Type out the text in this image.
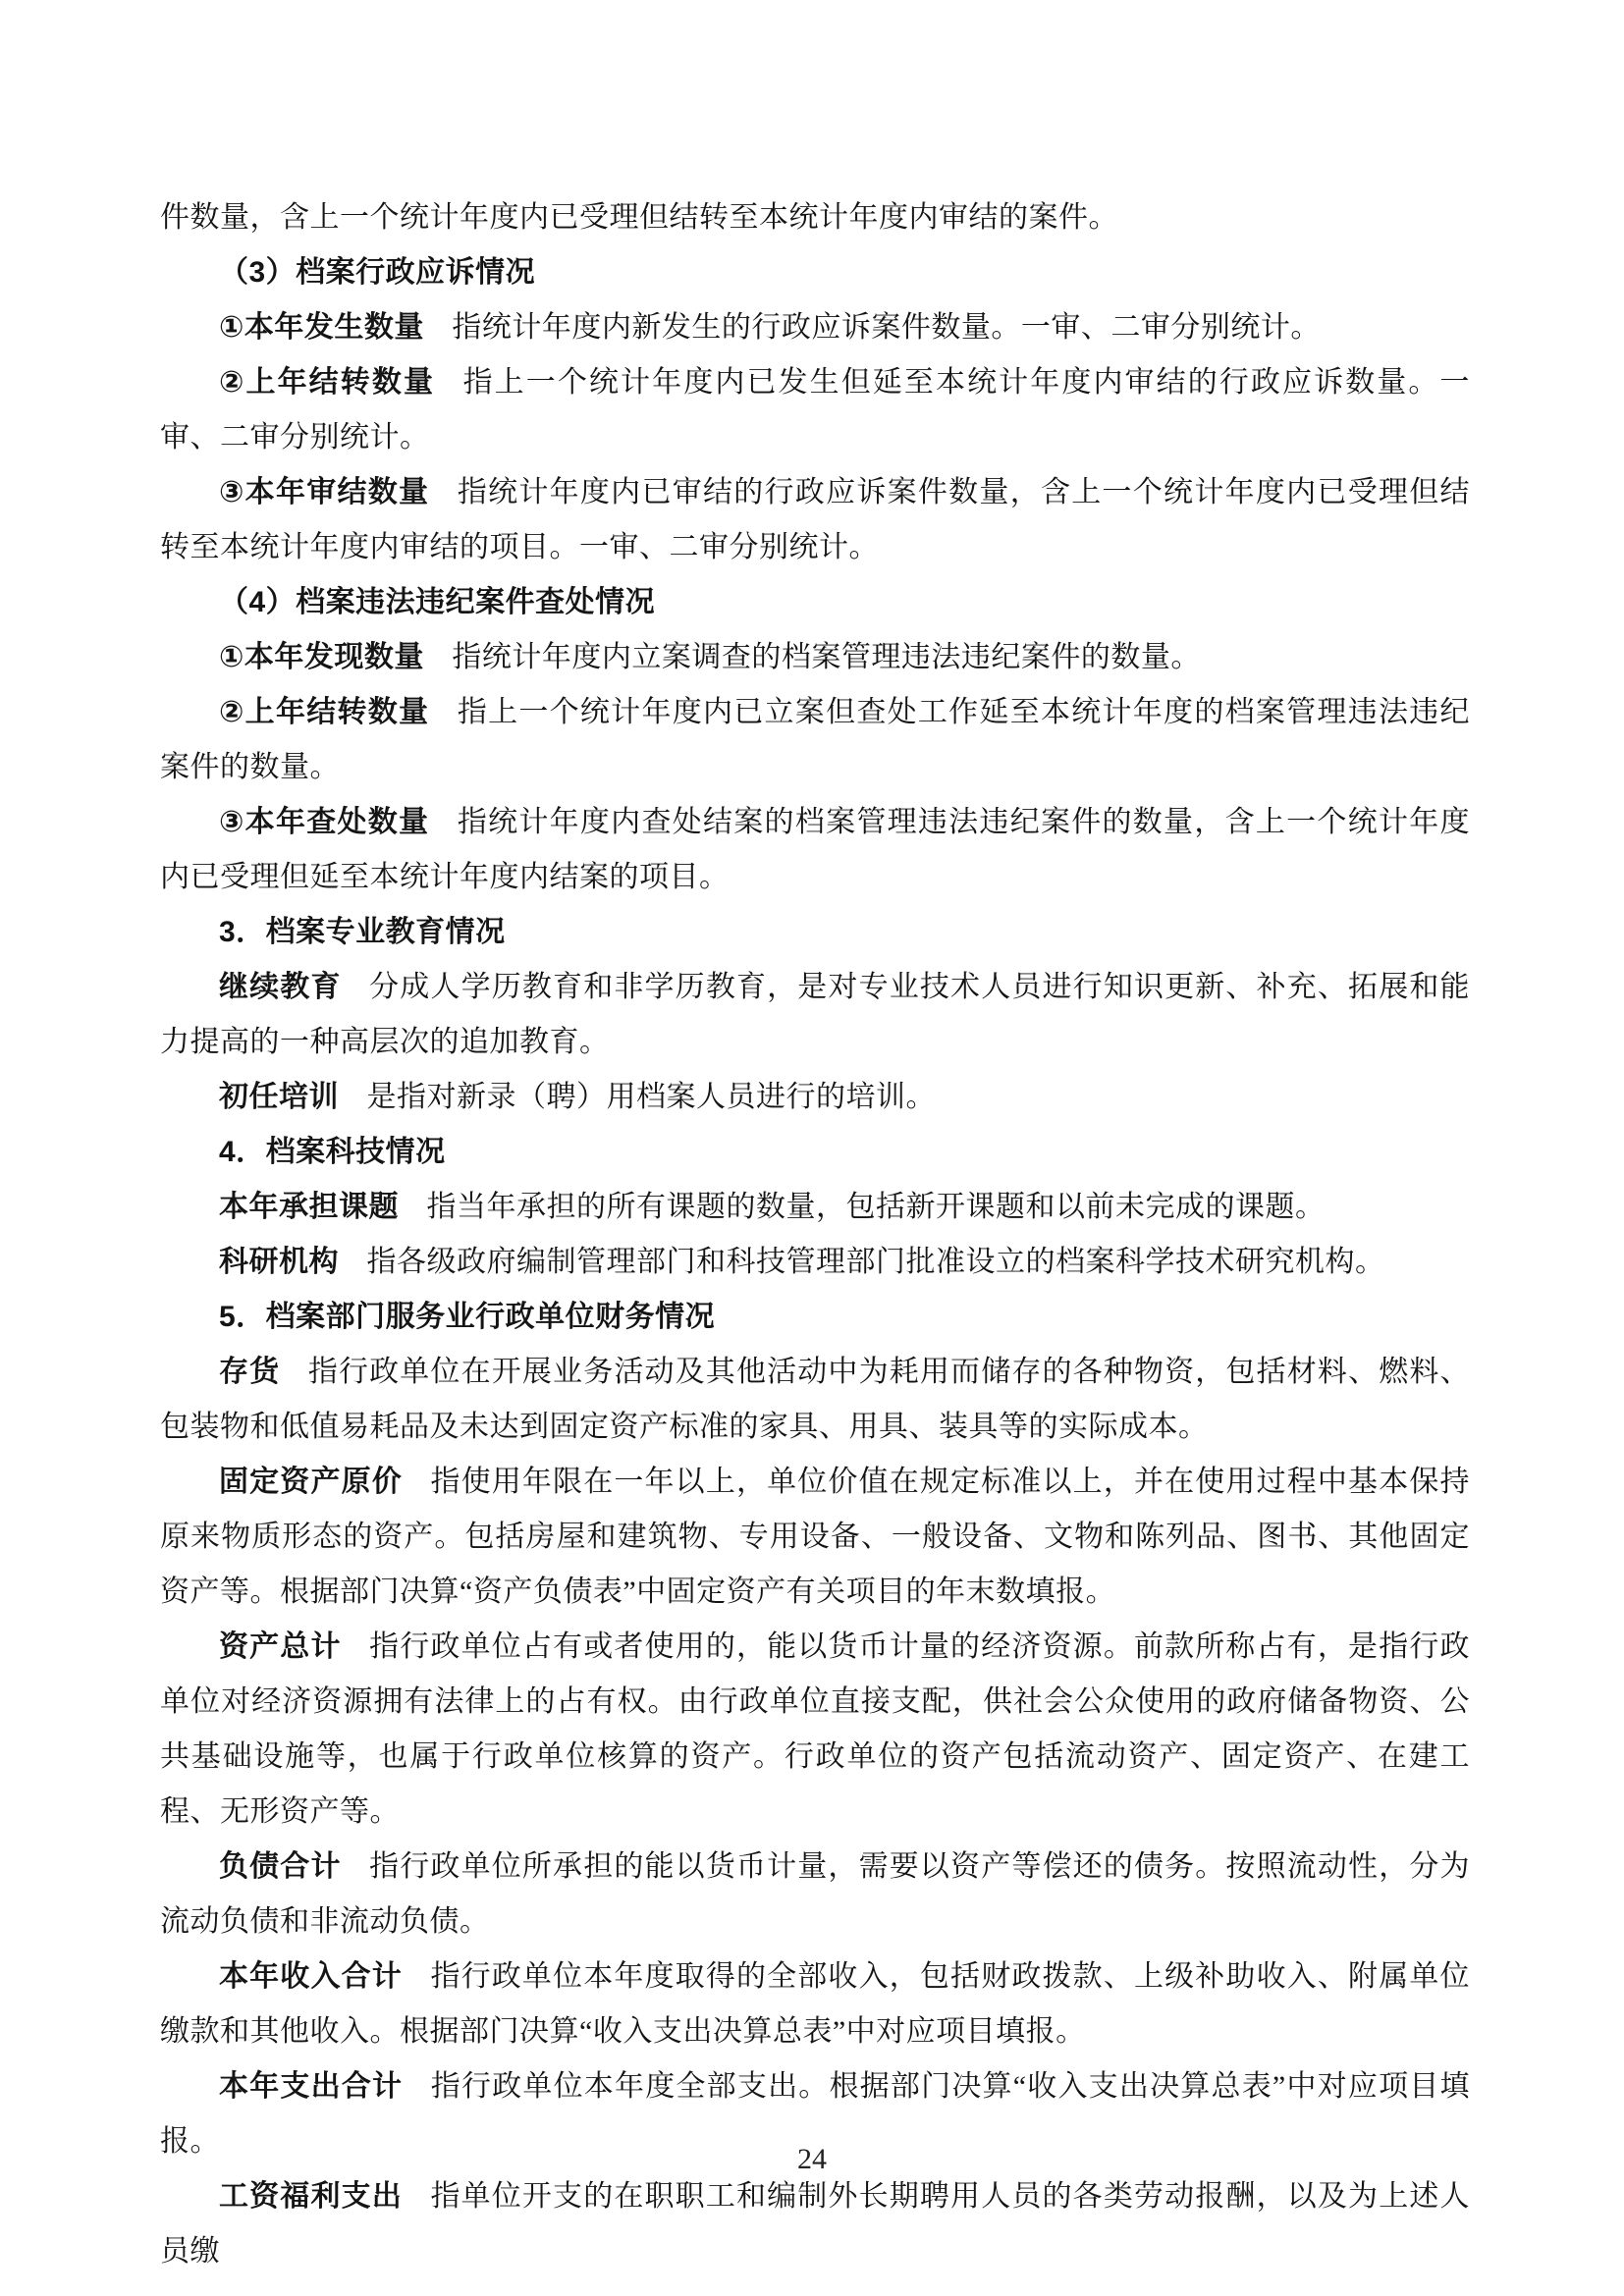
件数量，含上一个统计年度内已受理但结转至本统计年度内审结的案件。

（3）档案行政应诉情况

①本年发生数量 指统计年度内新发生的行政应诉案件数量。一审、二审分别统计。

②上年结转数量 指上一个统计年度内已发生但延至本统计年度内审结的行政应诉数量。一审、二审分别统计。

③本年审结数量 指统计年度内已审结的行政应诉案件数量，含上一个统计年度内已受理但结转至本统计年度内审结的项目。一审、二审分别统计。

（4）档案违法违纪案件查处情况

①本年发现数量 指统计年度内立案调查的档案管理违法违纪案件的数量。

②上年结转数量 指上一个统计年度内已立案但查处工作延至本统计年度的档案管理违法违纪案件的数量。

③本年查处数量 指统计年度内查处结案的档案管理违法违纪案件的数量，含上一个统计年度内已受理但延至本统计年度内结案的项目。

3．档案专业教育情况

继续教育 分成人学历教育和非学历教育，是对专业技术人员进行知识更新、补充、拓展和能力提高的一种高层次的追加教育。

初任培训 是指对新录（聘）用档案人员进行的培训。

4．档案科技情况

本年承担课题 指当年承担的所有课题的数量，包括新开课题和以前未完成的课题。

科研机构 指各级政府编制管理部门和科技管理部门批准设立的档案科学技术研究机构。

5．档案部门服务业行政单位财务情况

存货 指行政单位在开展业务活动及其他活动中为耗用而储存的各种物资，包括材料、燃料、包装物和低值易耗品及未达到固定资产标准的家具、用具、装具等的实际成本。

固定资产原价 指使用年限在一年以上，单位价值在规定标准以上，并在使用过程中基本保持原来物质形态的资产。包括房屋和建筑物、专用设备、一般设备、文物和陈列品、图书、其他固定资产等。根据部门决算“资产负债表”中固定资产有关项目的年末数填报。

资产总计 指行政单位占有或者使用的，能以货币计量的经济资源。前款所称占有，是指行政单位对经济资源拥有法律上的占有权。由行政单位直接支配，供社会公众使用的政府储备物资、公共基础设施等，也属于行政单位核算的资产。行政单位的资产包括流动资产、固定资产、在建工程、无形资产等。

负债合计 指行政单位所承担的能以货币计量，需要以资产等偿还的债务。按照流动性，分为流动负债和非流动负债。

本年收入合计 指行政单位本年度取得的全部收入，包括财政拨款、上级补助收入、附属单位缴款和其他收入。根据部门决算“收入支出决算总表”中对应项目填报。

本年支出合计 指行政单位本年度全部支出。根据部门决算“收入支出决算总表”中对应项目填报。

工资福利支出 指单位开支的在职职工和编制外长期聘用人员的各类劳动报酬，以及为上述人员缴

24
